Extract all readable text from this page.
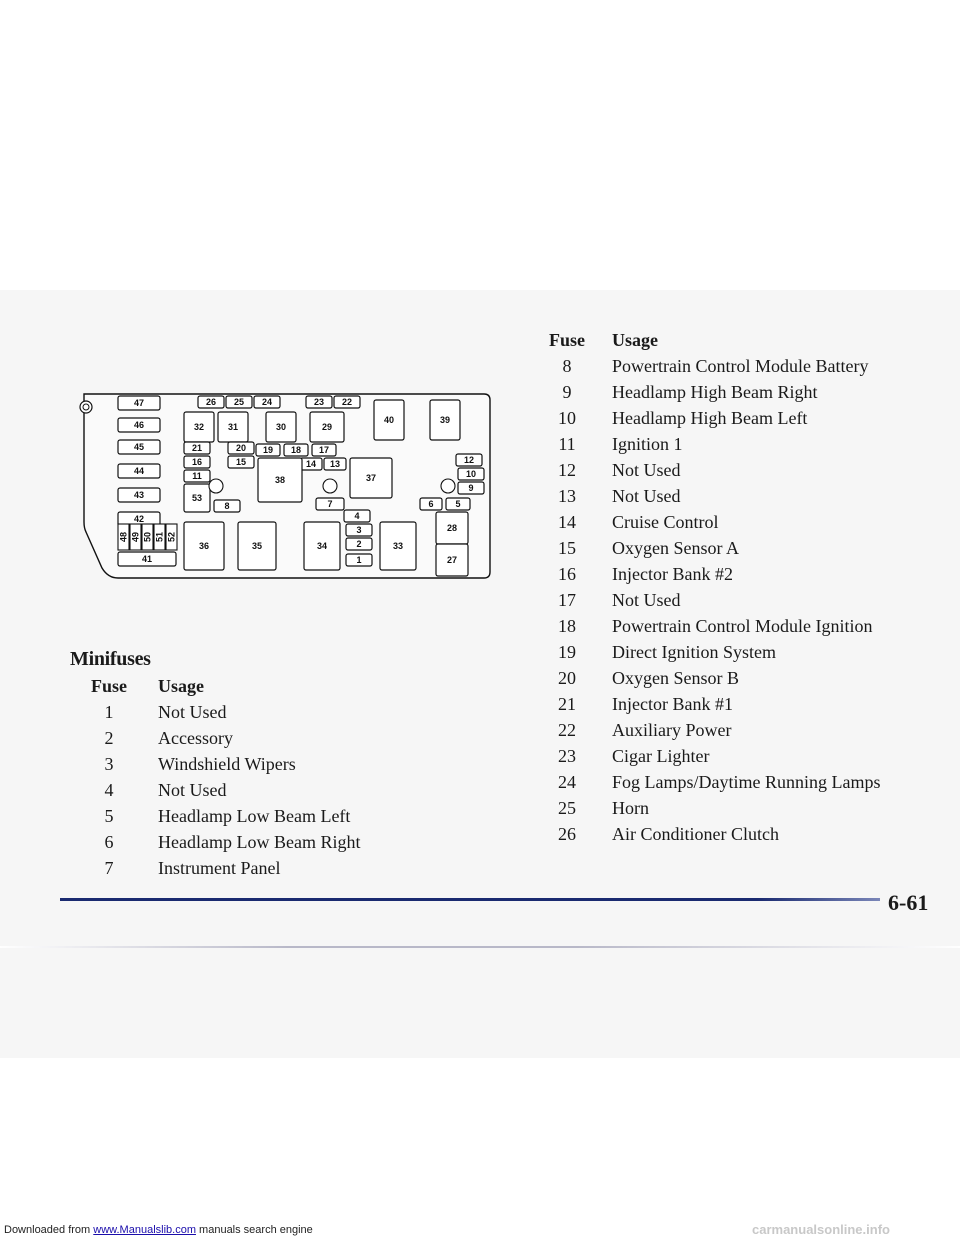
47
46
45
44
43
42
26 25 24	23 22
32	31	30	29
40	39
21	20 19 18 17
16	15	14 13
11
53
8
38	37
12
10
9
6 5
7
4
36	35	34
3
2
1
33
28
27
41
48 49 50 51 52
Minifuses
Fuse	Usage
1	Not Used
2	Accessory
3	Windshield Wipers
4	Not Used
5	Headlamp Low Beam Left
6	Headlamp Low Beam Right
7	Instrument Panel
Fuse	Usage
8	Powertrain Control Module Battery
9	Headlamp High Beam Right
10	Headlamp High Beam Left
11	Ignition 1
12	Not Used
13	Not Used
14	Cruise Control
15	Oxygen Sensor A
16	Injector Bank #2
17	Not Used
18	Powertrain Control Module Ignition
19	Direct Ignition System
20	Oxygen Sensor B
21	Injector Bank #1
22	Auxiliary Power
23	Cigar Lighter
24	Fog Lamps/Daytime Running Lamps
25	Horn
26	Air Conditioner Clutch
6-61
Downloaded from www.Manualslib.com manuals search engine	carmanualsonline.info
